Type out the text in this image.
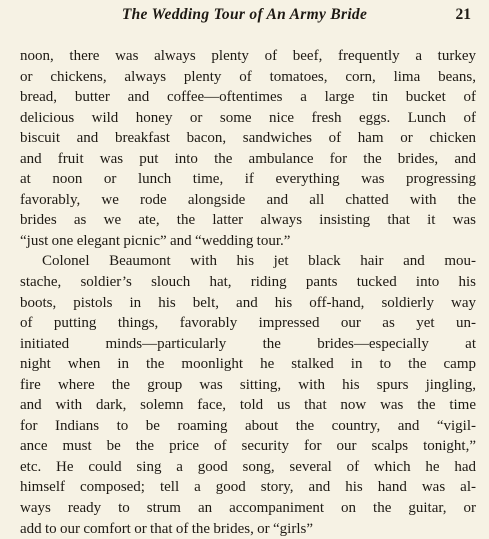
The Wedding Tour of An Army Bride	21
noon, there was always plenty of beef, frequently a turkey
or chickens, always plenty of tomatoes, corn, lima beans,
bread, butter and coffee—oftentimes a large tin bucket of
delicious wild honey or some nice fresh eggs. Lunch of
biscuit and breakfast bacon, sandwiches of ham or chicken
and fruit was put into the ambulance for the brides, and
at noon or lunch time, if everything was progressing
favorably, we rode alongside and all chatted with the
brides as we ate, the latter always insisting that it was
“just one elegant picnic” and “wedding tour.”
Colonel Beaumont with his jet black hair and mou-
stache, soldier’s slouch hat, riding pants tucked into his
boots, pistols in his belt, and his off-hand, soldierly way
of putting things, favorably impressed our as yet un-
initiated minds—particularly the brides—especially at
night when in the moonlight he stalked in to the camp
fire where the group was sitting, with his spurs jingling,
and with dark, solemn face, told us that now was the time
for Indians to be roaming about the country, and “vigil-
ance must be the price of security for our scalps tonight,”
etc. He could sing a good song, several of which he had
himself composed; tell a good story, and his hand was al-
ways ready to strum an accompaniment on the guitar, or
add to our comfort or that of the brides, or “girls”
